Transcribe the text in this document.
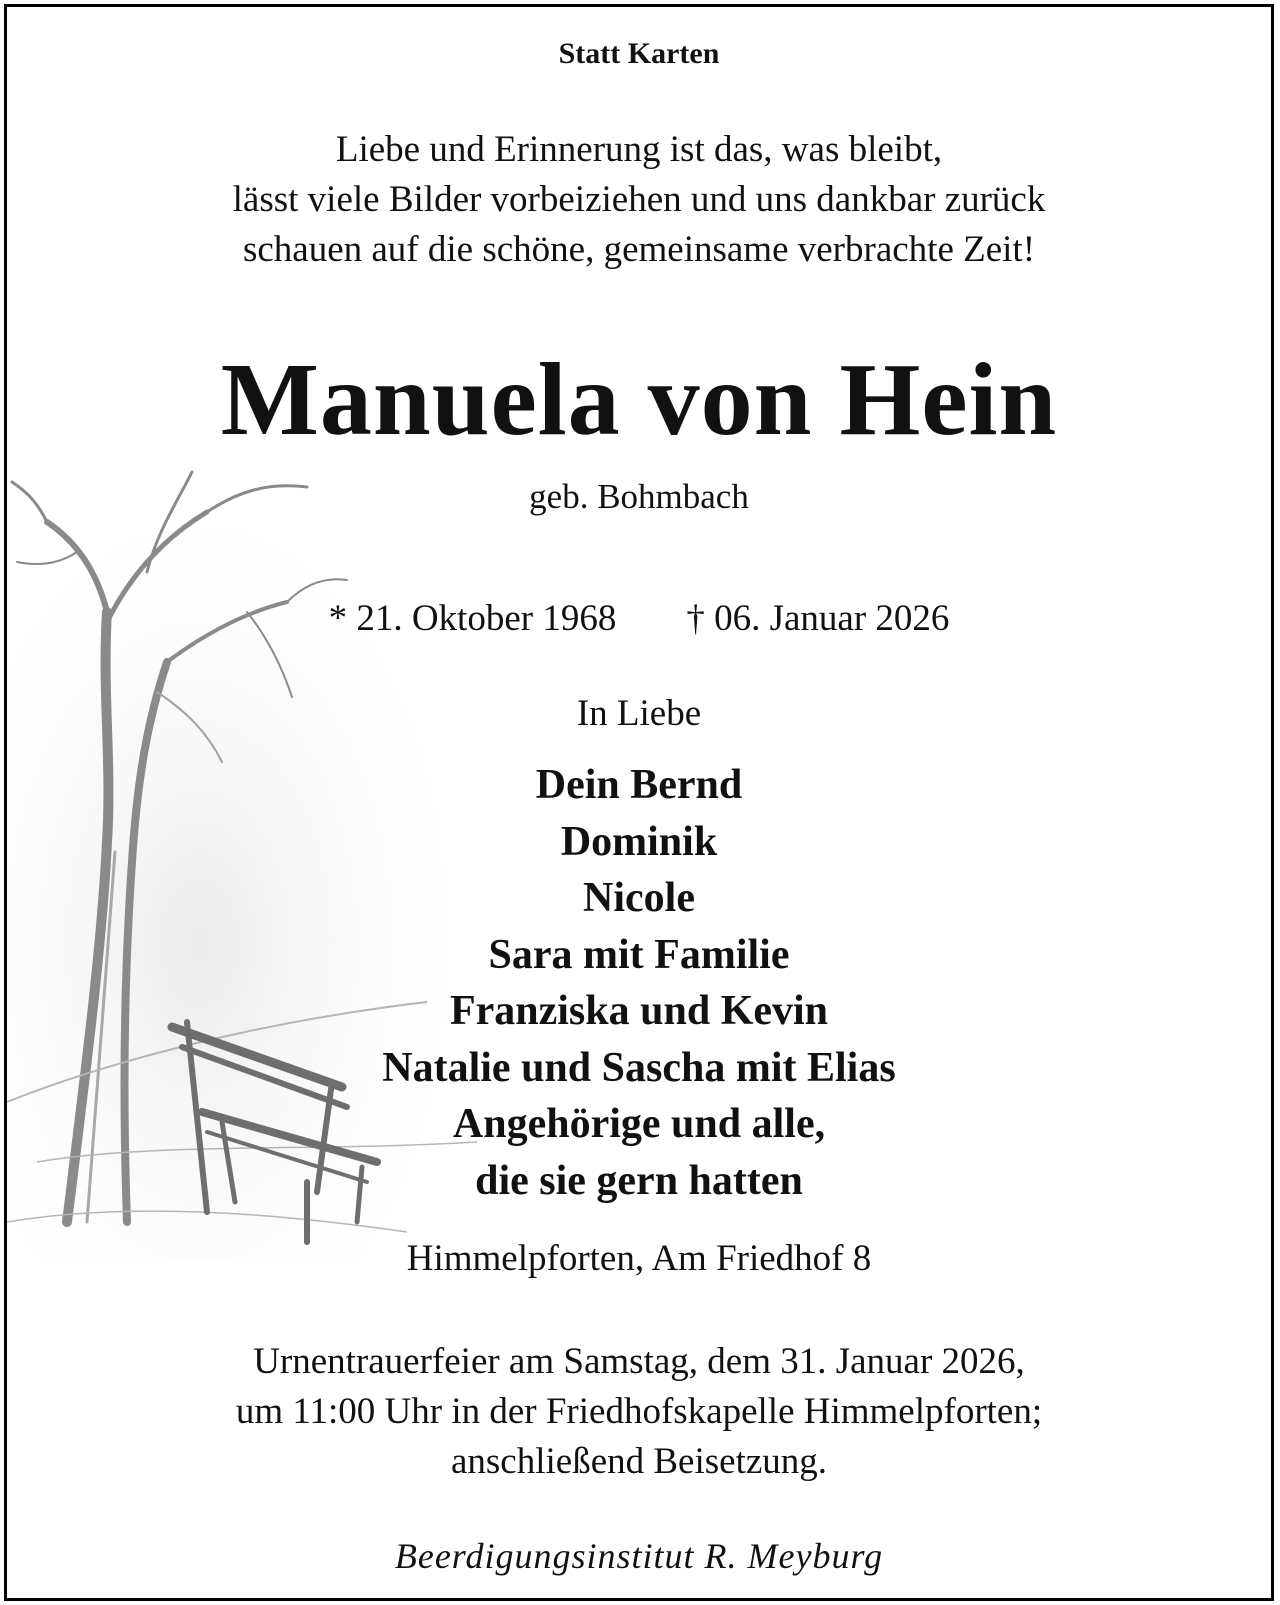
Statt Karten
Liebe und Erinnerung ist das, was bleibt,
lässt viele Bilder vorbeiziehen und uns dankbar zurück
schauen auf die schöne, gemeinsame verbrachte Zeit!
Manuela von Hein
geb. Bohmbach
* 21. Oktober 1968 † 06. Januar 2026
In Liebe
Dein Bernd
Dominik
Nicole
Sara mit Familie
Franziska und Kevin
Natalie und Sascha mit Elias
Angehörige und alle,
die sie gern hatten
Himmelpforten, Am Friedhof 8
Urnentrauerfeier am Samstag, dem 31. Januar 2026,
um 11:00 Uhr in der Friedhofskapelle Himmelpforten;
anschließend Beisetzung.
Beerdigungsinstitut R. Meyburg
